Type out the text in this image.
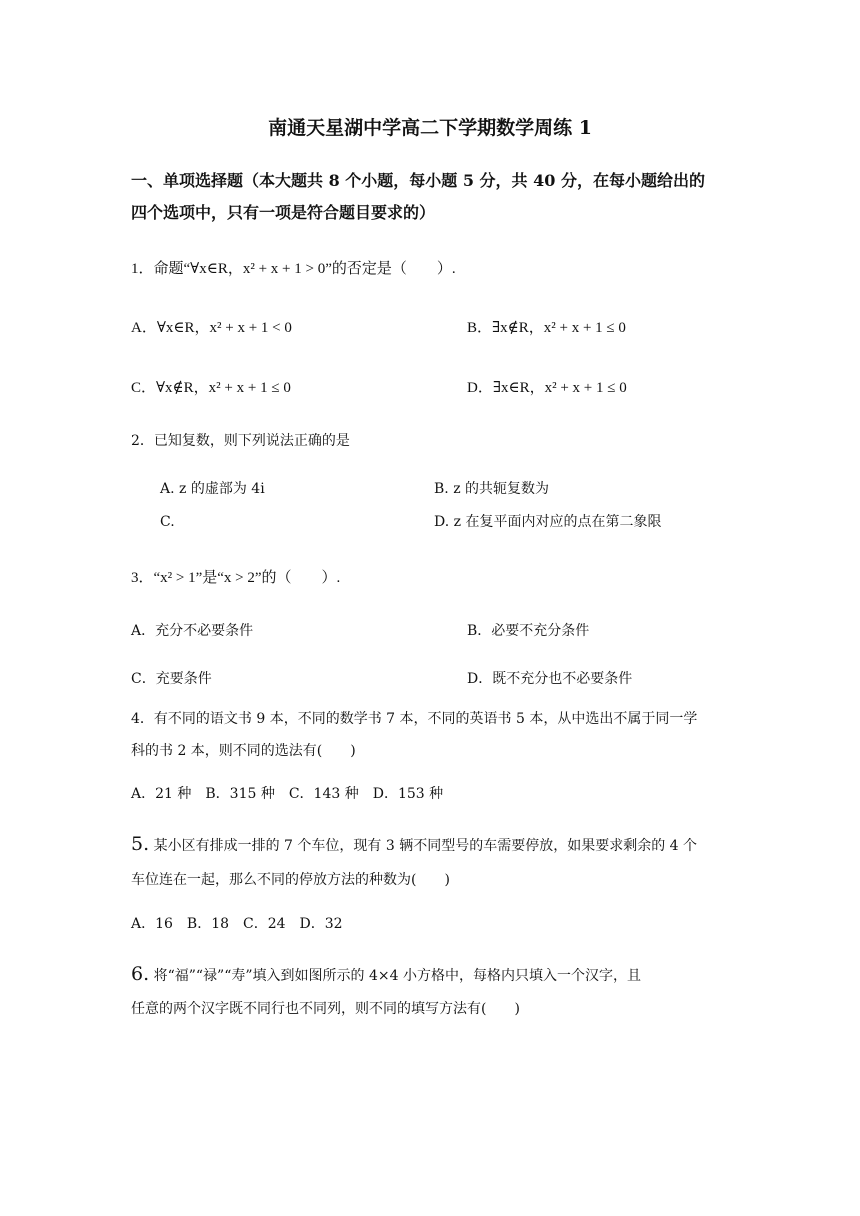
南通天星湖中学高二下学期数学周练 1
一、单项选择题（本大题共 8 个小题，每小题 5 分，共 40 分，在每小题给出的
四个选项中，只有一项是符合题目要求的）
1．命题“∀x∈R，x² + x + 1 > 0”的否定是（　　）.
A．∀x∈R，x² + x + 1 < 0	B．∃x∉R，x² + x + 1 ≤ 0
C．∀x∉R，x² + x + 1 ≤ 0	D．∃x∈R，x² + x + 1 ≤ 0
2．已知复数，则下列说法正确的是
A. z 的虚部为 4i	B. z 的共轭复数为
C.	D. z 在复平面内对应的点在第二象限
3．“x² > 1”是“x > 2”的（　　）.
A．充分不必要条件	B．必要不充分条件
C．充要条件	D．既不充分也不必要条件
4．有不同的语文书 9 本，不同的数学书 7 本，不同的英语书 5 本，从中选出不属于同一学
科的书 2 本，则不同的选法有(　　)
A．21 种　B．315 种　C．143 种　D．153 种
5. 某小区有排成一排的 7 个车位，现有 3 辆不同型号的车需要停放，如果要求剩余的 4 个
车位连在一起，那么不同的停放方法的种数为(　　)
A．16　B．18　C．24　D．32
6. 将“福”“禄”“寿”填入到如图所示的 4×4 小方格中，每格内只填入一个汉字，且
任意的两个汉字既不同行也不同列，则不同的填写方法有(　　)
